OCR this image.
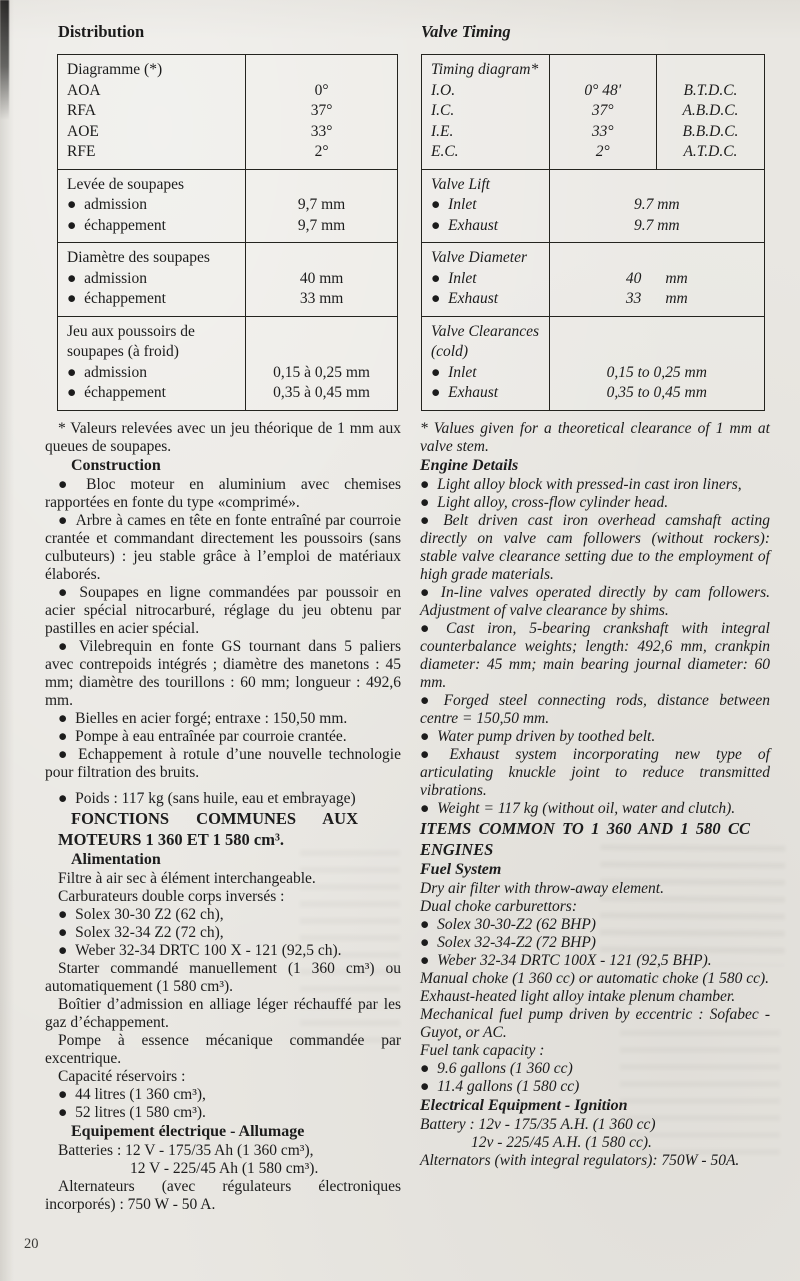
Distribution
Diagramme (*)
AOA
RFA
AOE
RFE
0°
37°
33°
2°
Levée de soupapes
● admission
● échappement
9,7 mm
9,7 mm
Diamètre des soupapes
● admission
● échappement
40 mm
33 mm
Jeu aux poussoirs de soupapes (à froid)
● admission
● échappement
0,15 à 0,25 mm
0,35 à 0,45 mm

* Valeurs relevées avec un jeu théorique de 1 mm aux queues de soupapes.

Construction

● Bloc moteur en aluminium avec chemises rapportées en fonte du type «comprimé».

● Arbre à cames en tête en fonte entraîné par courroie crantée et commandant directement les poussoirs (sans culbuteurs) : jeu stable grâce à l’emploi de matériaux élaborés.

● Soupapes en ligne commandées par poussoir en acier spécial nitrocarburé, réglage du jeu obtenu par pastilles en acier spécial.

● Vilebrequin en fonte GS tournant dans 5 paliers avec contrepoids intégrés ; diamètre des manetons : 45 mm; diamètre des tourillons : 60 mm; longueur : 492,6 mm.

● Bielles en acier forgé; entraxe : 150,50 mm.

● Pompe à eau entraînée par courroie crantée.

● Echappement à rotule d’une nouvelle technologie pour filtration des bruits.

● Poids : 117 kg (sans huile, eau et embrayage)

FONCTIONS COMMUNES AUX MOTEURS 1 360 ET 1 580 cm³.

Alimentation

Filtre à air sec à élément interchangeable.

Carburateurs double corps inversés :

● Solex 30-30 Z2 (62 ch),

● Solex 32-34 Z2 (72 ch),

● Weber 32-34 DRTC 100 X - 121 (92,5 ch).

Starter commandé manuellement (1 360 cm³) ou automatiquement (1 580 cm³).

Boîtier d’admission en alliage léger réchauffé par les gaz d’échappement.

Pompe à essence mécanique commandée par excentrique.

Capacité réservoirs :

● 44 litres (1 360 cm³),

● 52 litres (1 580 cm³).

Equipement électrique - Allumage

Batteries : 12 V - 175/35 Ah (1 360 cm³),

12 V - 225/45 Ah (1 580 cm³).

Alternateurs (avec régulateurs électroniques incorporés) : 750 W - 50 A.

Valve Timing
Timing diagram*
I.O.
I.C.
I.E.
E.C.
0° 48'
37°
33°
2°
B.T.D.C.
A.B.D.C.
B.B.D.C.
A.T.D.C.
Valve Lift
● Inlet
● Exhaust
9.7 mm
9.7 mm
Valve Diameter
● Inlet
● Exhaust
40 mm
33 mm
Valve Clearances (cold)
● Inlet
● Exhaust
0,15 to 0,25 mm
0,35 to 0,45 mm

* Values given for a theoretical clearance of 1 mm at valve stem.

Engine Details

● Light alloy block with pressed-in cast iron liners,

● Light alloy, cross-flow cylinder head.

● Belt driven cast iron overhead camshaft acting directly on valve cam followers (without rockers): stable valve clearance setting due to the employment of high grade materials.

● In-line valves operated directly by cam followers. Adjustment of valve clearance by shims.

● Cast iron, 5-bearing crankshaft with integral counterbalance weights; length: 492,6 mm, crankpin diameter: 45 mm; main bearing journal diameter: 60 mm.

● Forged steel connecting rods, distance between centre = 150,50 mm.

● Water pump driven by toothed belt.

● Exhaust system incorporating new type of articulating knuckle joint to reduce transmitted vibrations.

● Weight = 117 kg (without oil, water and clutch).

ITEMS COMMON TO 1 360 AND 1 580 CC ENGINES

Fuel System

Dry air filter with throw-away element.

Dual choke carburettors:

● Solex 30-30-Z2 (62 BHP)

● Solex 32-34-Z2 (72 BHP)

● Weber 32-34 DRTC 100X - 121 (92,5 BHP).

Manual choke (1 360 cc) or automatic choke (1 580 cc).

Exhaust-heated light alloy intake plenum chamber.

Mechanical fuel pump driven by eccentric : Sofabec - Guyot, or AC.

Fuel tank capacity :

● 9.6 gallons (1 360 cc)

● 11.4 gallons (1 580 cc)

Electrical Equipment - Ignition

Battery : 12v - 175/35 A.H. (1 360 cc)

12v - 225/45 A.H. (1 580 cc).

Alternators (with integral regulators): 750W - 50A.

20
